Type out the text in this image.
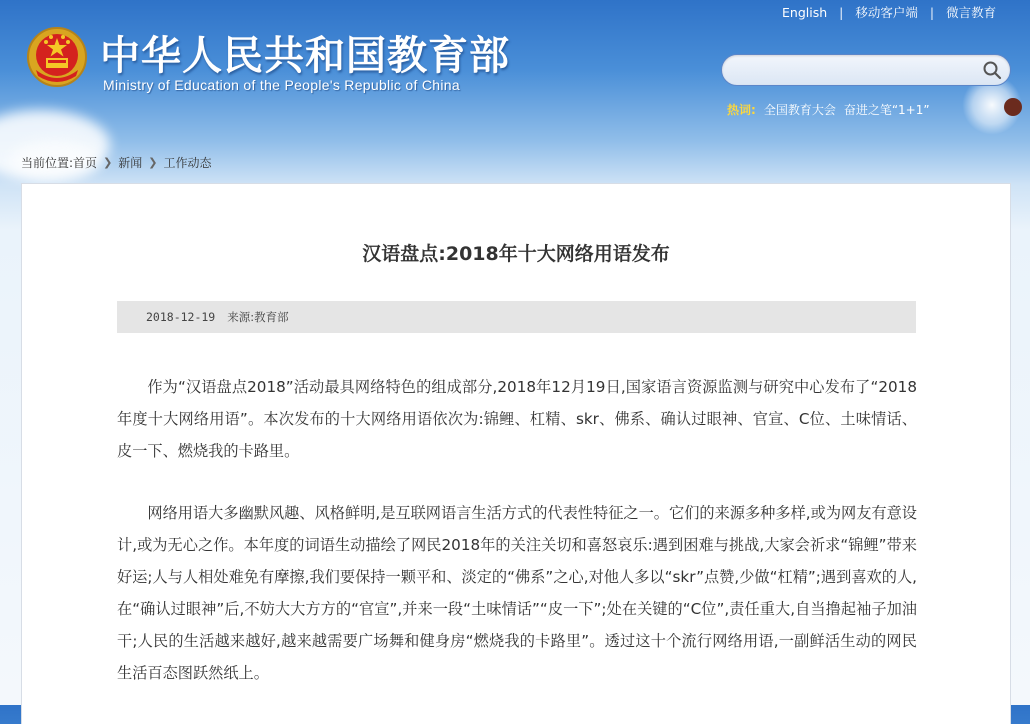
中华人民共和国教育部

Ministry of Education of the People's Republic of China

English | 移动客户端 | 微言教育
热词: 全国教育大会 奋进之笔“1+1”
当前位置: 首页 ❯ 新闻 ❯ 工作动态
汉语盘点:2018年十大网络用语发布
2018-12-19 来源: 教育部

作为“汉语盘点2018”活动最具网络特色的组成部分,2018年12月19日,国家语言资源监测与研究中心发布了“2018年度十大网络用语”。本次发布的十大网络用语依次为:锦鲤、杠精、skr、佛系、确认过眼神、官宣、C位、土味情话、皮一下、燃烧我的卡路里。

网络用语大多幽默风趣、风格鲜明,是互联网语言生活方式的代表性特征之一。它们的来源多种多样,或为网友有意设计,或为无心之作。本年度的词语生动描绘了网民2018年的关注关切和喜怒哀乐:遇到困难与挑战,大家会祈求“锦鲤”带来好运;人与人相处难免有摩擦,我们要保持一颗平和、淡定的“佛系”之心,对他人多以“skr”点赞,少做“杠精”;遇到喜欢的人,在“确认过眼神”后,不妨大大方方的“官宣”,并来一段“土味情话”“皮一下”;处在关键的“C位”,责任重大,自当撸起袖子加油干;人民的生活越来越好,越来越需要广场舞和健身房“燃烧我的卡路里”。透过这十个流行网络用语,一副鲜活生动的网民生活百态图跃然纸上。
